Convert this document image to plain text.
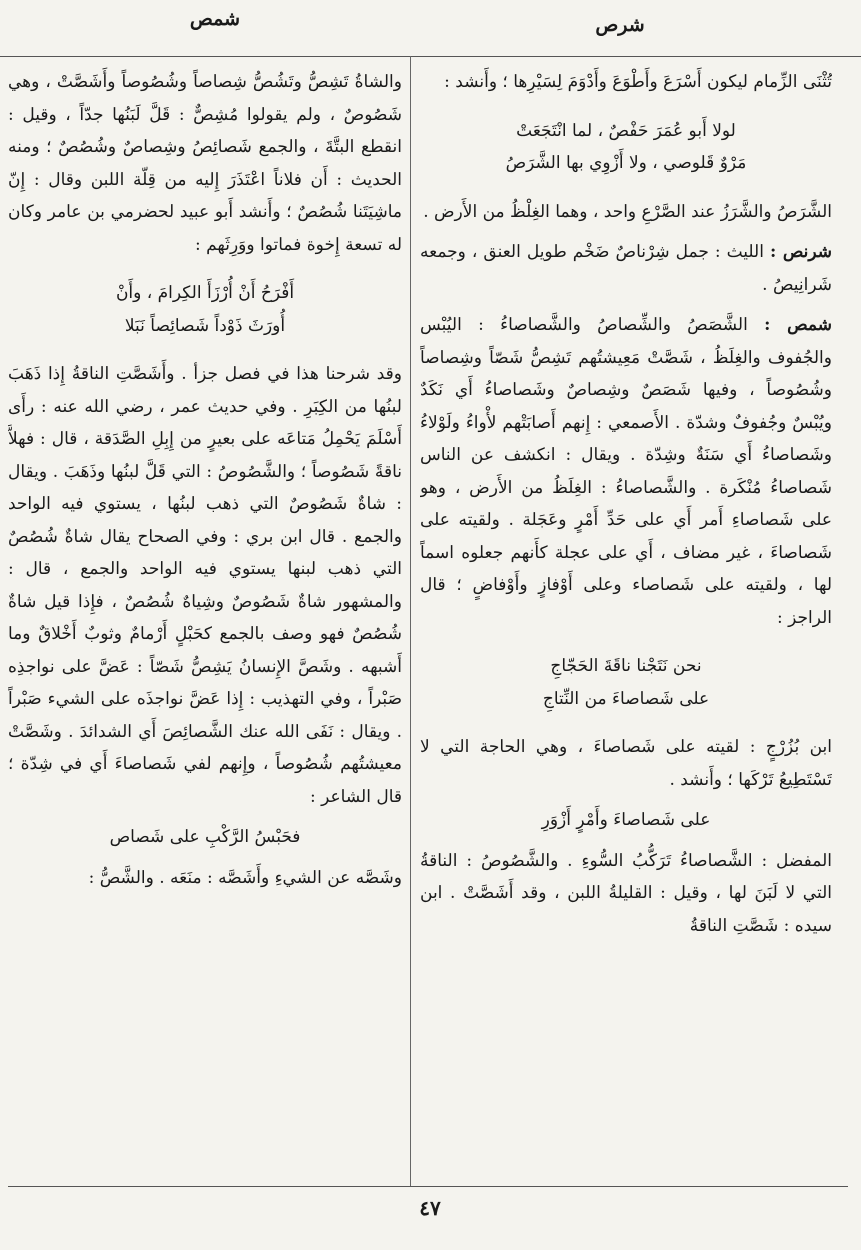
شرص
شمص

تُثْنَى الزِّمام ليكون أَسْرَعَ وأَطْوَعَ وأَدْوَمَ لِسَيْرِها ؛ وأَنشد :

لولا أَبو عُمَرَ حَفْصٌ ، لما انْتَجَعَتْ

مَرْوٌ قَلوصي ، ولا أَزْوِي بها الشَّرَصُ

الشَّرَصُ والشَّرَزُ عند الصَّرْعِ واحد ، وهما الغِلْظُ من الأَرض .

شرنص : الليث : جمل شِرْناصٌ ضَخْم طويل العنق ، وجمعه شَرانِيصُ .

شمص : الشَّصَصُ والشِّصاصُ والشَّصاصاءُ : اليُبْس والجُفوف والغِلَظُ ، شَصَّتْ مَعِيشتُهم تَشِصُّ شَصّاً وشِصاصاً وشُصُوصاً ، وفيها شَصَصٌ وشِصاصٌ وشَصاصاءُ أَي نَكَدٌ ويُبْسٌ وجُفوفٌ وشدّة . الأَصمعي : إِنهم أَصابَتْهم لأْواءُ ولَوْلاءُ وشَصاصاءُ أَي سَنَةٌ وشِدّة . ويقال : انكشف عن الناس شَصاصاءُ مُنْكَرة . والشَّصاصاءُ : الغِلَظُ من الأَرض ، وهو على شَصاصاءِ أَمر أَي على حَدِّ أَمْرٍ وعَجَلة . ولقيته على شَصاصاءَ ، غير مضاف ، أَي على عجلة كأَنهم جعلوه اسماً لها ، ولقيته على شَصاصاء وعلى أَوْفازٍ وأَوْفاضٍ ؛ قال الراجز :

نحن نَتَجْنا ناقَةَ الحَجّاجِ

على شَصاصاءَ من النِّتاجِ

ابن بُزُرْجٍ : لقيته على شَصاصاءَ ، وهي الحاجة التي لا تَسْتَطِيعُ تَرْكَها ؛ وأَنشد .

على شَصاصاءَ وأَمْرٍ أَزْوَرِ

المفضل : الشَّصاصاءُ تَرَكُّبُ السُّوءِ . والشَّصُوصُ : الناقةُ التي لا لَبَنَ لها ، وقيل : القليلةُ اللبن ، وقد أَشَصَّتْ . ابن سيده : شَصَّتِ الناقةُ

والشاةُ تَشِصُّ وتَشُصُّ شِصاصاً وشُصُوصاً وأَشَصَّتْ ، وهي شَصُوصٌ ، ولم يقولوا مُشِصٌّ : قَلَّ لَبَنُها جدّاً ، وقيل : انقطع البتَّةَ ، والجمع شَصائِصُ وشِصاصٌ وشُصُصٌ ؛ ومنه الحديث : أَن فلاناً اعْتَذَرَ إِليه من قِلّة اللبن وقال : إِنّ ماشِيَتَنا شُصُصٌ ؛ وأَنشد أَبو عبيد لحضرمي بن عامر وكان له تسعة إِخوة فماتوا ووَرِثَهم :

أَفْرَحُ أَنْ أُرْزَأَ الكِرامَ ، وأَنْ

أُورَثَ ذَوْداً شَصائِصاً نَبَلا

وقد شرحنا هذا في فصل جزأ . وأَشَصَّتِ الناقةُ إِذا ذَهَبَ لبنُها من الكِبَرِ . وفي حديث عمر ، رضي الله عنه : رأَى أَسْلَمَ يَحْمِلُ مَتاعَه على بعيرٍ من إِبِلِ الصَّدَقة ، قال : فهلاَّ ناقةً شَصُوصاً ؛ والشَّصُوصُ : التي قَلَّ لبنُها وذَهَبَ . ويقال : شاةٌ شَصُوصٌ التي ذهب لبنُها ، يستوي فيه الواحد والجمع . قال ابن بري : وفي الصحاح يقال شاةٌ شُصُصٌ التي ذهب لبنها يستوي فيه الواحد والجمع ، قال : والمشهور شاةٌ شَصُوصٌ وشِياهٌ شُصُصٌ ، فإِذا قيل شاةٌ شُصُصٌ فهو وصف بالجمع كحَبْلٍ أَرْمامٌ وثوبٌ أَخْلاقٌ وما أَشبهه . وشَصَّ الإِنسانُ يَشِصُّ شَصّاً : عَضَّ على نواجذِه صَبْراً ، وفي التهذيب : إِذا عَضَّ نواجذَه على الشيء صَبْراً . ويقال : نَفَى الله عنك الشَّصائِصَ أَي الشدائدَ . وشَصَّتْ معيشتُهم شُصُوصاً ، وإِنهم لفي شَصاصاءَ أَي في شِدّة ؛ قال الشاعر :

فحَبْسُ الرَّكْبِ على شَصاص

وشَصَّه عن الشيءِ وأَشَصَّه : منَعَه . والشَّصُّ :

٤٧
